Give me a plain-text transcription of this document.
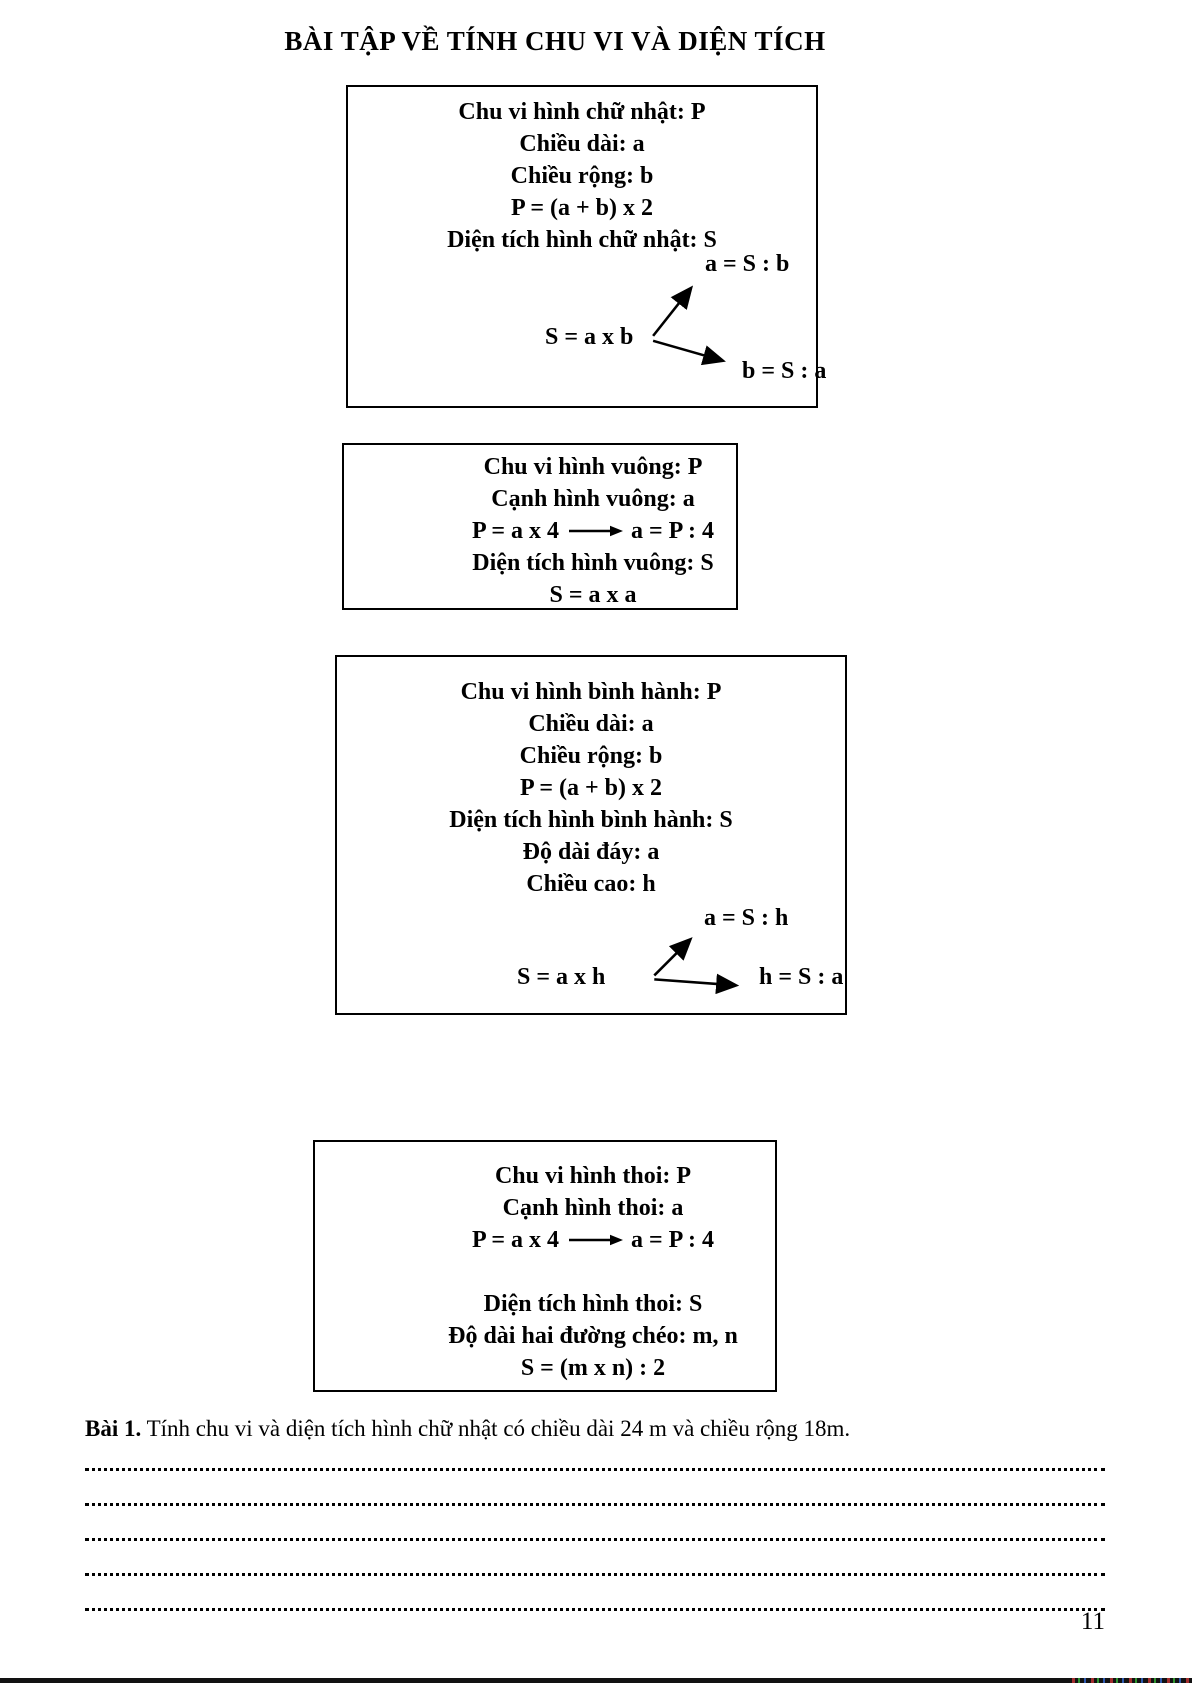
BÀI TẬP VỀ TÍNH CHU VI VÀ DIỆN TÍCH
Chu vi hình chữ nhật: P
Chiều dài: a
Chiều rộng: b
P = (a + b) x 2
Diện tích hình chữ nhật: S
a = S : b
S = a x b
b = S : a
Chu vi hình vuông: P
Cạnh hình vuông: a
P = a x 4	a = P : 4
Diện tích hình vuông: S
S = a x a
Chu vi hình bình hành: P
Chiều dài: a
Chiều rộng: b
P = (a + b) x 2
Diện tích hình bình hành: S
Độ dài đáy: a
Chiều cao: h
a = S : h
S = a x h	h = S : a
Chu vi hình thoi: P
Cạnh hình thoi: a
P = a x 4	a = P : 4
Diện tích hình thoi: S
Độ dài hai đường chéo: m, n
S = (m x n) : 2
Bài 1. Tính chu vi và diện tích hình chữ nhật có chiều dài 24 m và chiều rộng 18m.
11
